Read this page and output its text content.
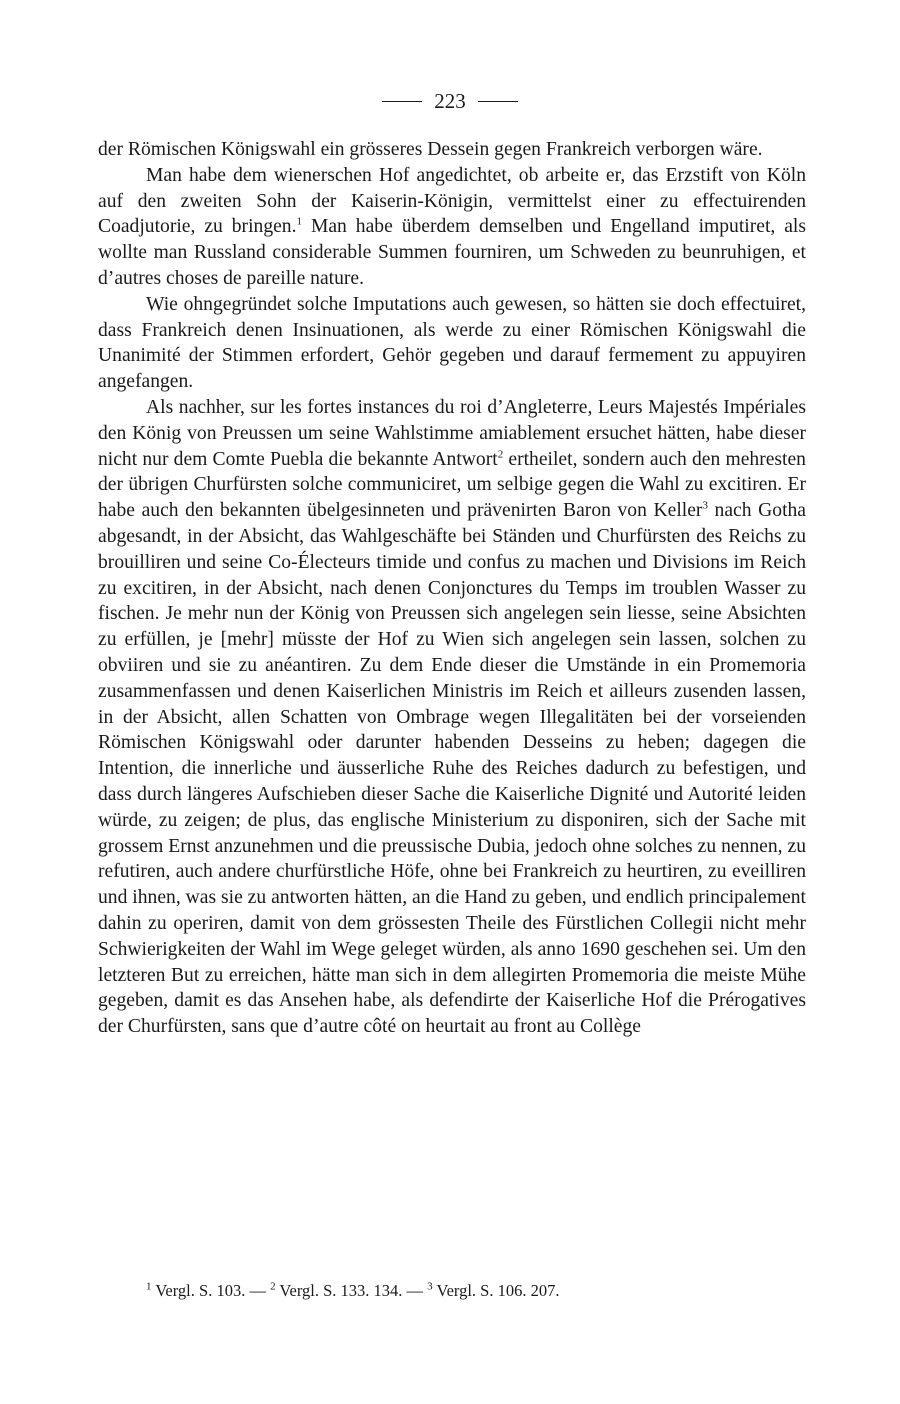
223

der Römischen Königswahl ein grösseres Dessein gegen Frankreich verborgen wäre.

Man habe dem wienerschen Hof angedichtet, ob arbeite er, das Erzstift von Köln auf den zweiten Sohn der Kaiserin-Königin, vermittelst einer zu effectuirenden Coadjutorie, zu bringen.$^1$ Man habe überdem demselben und Engelland imputiret, als wollte man Russland considerable Summen fourniren, um Schweden zu beunruhigen, et d’autres choses de pareille nature.

Wie ohngegründet solche Imputations auch gewesen, so hätten sie doch effectuiret, dass Frankreich denen Insinuationen, als werde zu einer Römischen Königswahl die Unanimité der Stimmen erfordert, Gehör gegeben und darauf fermement zu appuyiren angefangen.

Als nachher, sur les fortes instances du roi d’Angleterre, Leurs Majestés Impériales den König von Preussen um seine Wahlstimme amiablement ersuchet hätten, habe dieser nicht nur dem Comte Puebla die bekannte Antwort$^2$ ertheilet, sondern auch den mehresten der übrigen Churfürsten solche communiciret, um selbige gegen die Wahl zu excitiren. Er habe auch den bekannten übelgesinneten und prävenirten Baron von Keller$^3$ nach Gotha abgesandt, in der Absicht, das Wahlgeschäfte bei Ständen und Churfürsten des Reichs zu brouilliren und seine Co-Électeurs timide und confus zu machen und Divisions im Reich zu excitiren, in der Absicht, nach denen Conjonctures du Temps im troublen Wasser zu fischen. Je mehr nun der König von Preussen sich angelegen sein liesse, seine Absichten zu erfüllen, je [mehr] müsste der Hof zu Wien sich angelegen sein lassen, solchen zu obviiren und sie zu anéantiren. Zu dem Ende dieser die Umstände in ein Promemoria zusammenfassen und denen Kaiserlichen Ministris im Reich et ailleurs zusenden lassen, in der Absicht, allen Schatten von Ombrage wegen Illegalitäten bei der vorseienden Römischen Königswahl oder darunter habenden Desseins zu heben; dagegen die Intention, die innerliche und äusserliche Ruhe des Reiches dadurch zu befestigen, und dass durch längeres Aufschieben dieser Sache die Kaiserliche Dignité und Autorité leiden würde, zu zeigen; de plus, das englische Ministerium zu disponiren, sich der Sache mit grossem Ernst anzunehmen und die preussische Dubia, jedoch ohne solches zu nennen, zu refutiren, auch andere churfürstliche Höfe, ohne bei Frankreich zu heurtiren, zu eveilliren und ihnen, was sie zu antworten hätten, an die Hand zu geben, und endlich principalement dahin zu operiren, damit von dem grössesten Theile des Fürstlichen Collegii nicht mehr Schwierigkeiten der Wahl im Wege geleget würden, als anno 1690 geschehen sei. Um den letzteren But zu erreichen, hätte man sich in dem allegirten Promemoria die meiste Mühe gegeben, damit es das Ansehen habe, als defendirte der Kaiserliche Hof die Prérogatives der Churfürsten, sans que d’autre côté on heurtait au front au Collège

$^1$ Vergl. S. 103. — $^2$ Vergl. S. 133. 134. — $^3$ Vergl. S. 106. 207.
